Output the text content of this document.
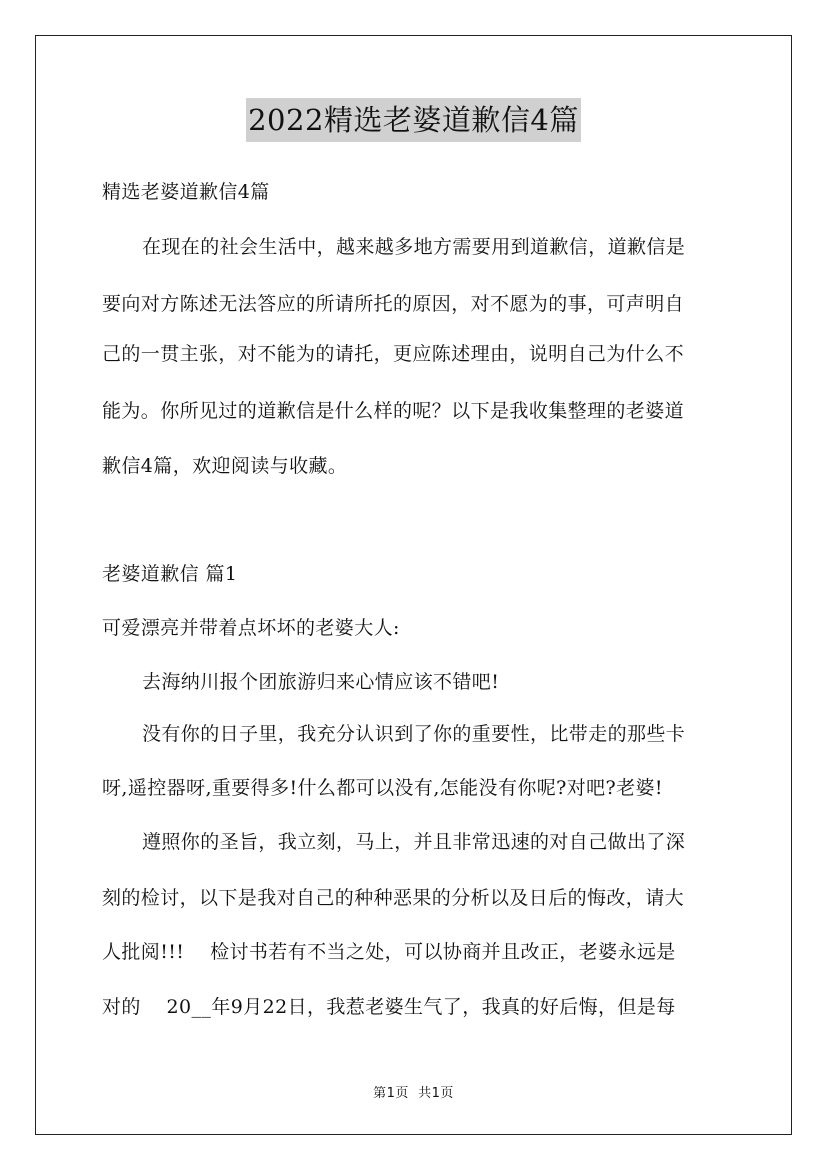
2022精选老婆道歉信4篇
精选老婆道歉信4篇
在现在的社会生活中，越来越多地方需要用到道歉信，道歉信是
要向对方陈述无法答应的所请所托的原因，对不愿为的事，可声明自
己的一贯主张，对不能为的请托，更应陈述理由，说明自己为什么不
能为。你所见过的道歉信是什么样的呢？以下是我收集整理的老婆道
歉信4篇，欢迎阅读与收藏。
老婆道歉信 篇1
可爱漂亮并带着点坏坏的老婆大人:
去海纳川报个团旅游归来心情应该不错吧!
没有你的日子里，我充分认识到了你的重要性，比带走的那些卡
呀,遥控器呀,重要得多!什么都可以没有,怎能没有你呢?对吧?老婆!
遵照你的圣旨，我立刻，马上，并且非常迅速的对自己做出了深
刻的检讨，以下是我对自己的种种恶果的分析以及日后的悔改，请大
人批阅!!!    检讨书若有不当之处，可以协商并且改正，老婆永远是
对的    20__年9月22日，我惹老婆生气了，我真的好后悔，但是每
第1页  共1页
